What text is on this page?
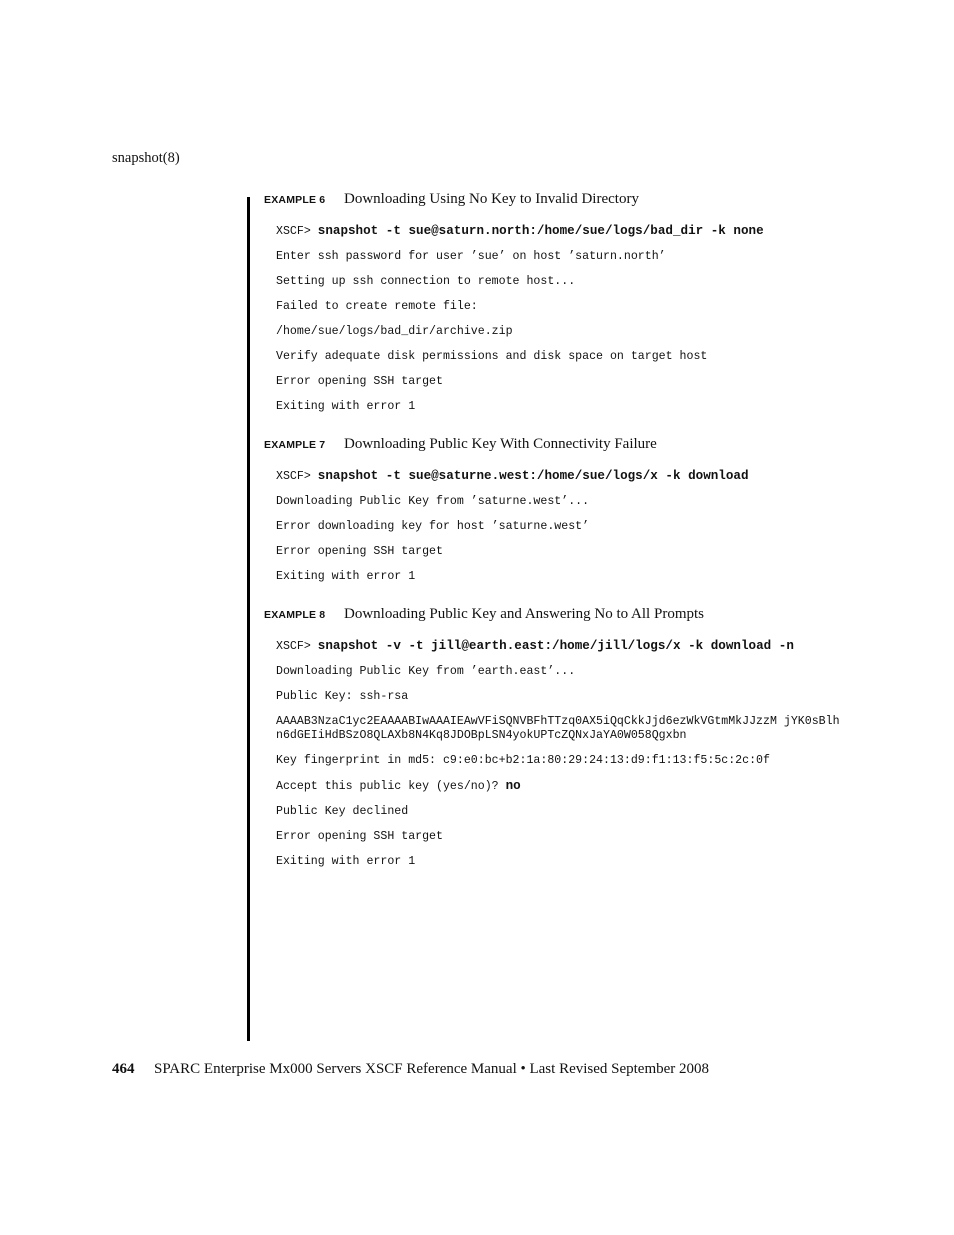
snapshot(8)
EXAMPLE 6	Downloading Using No Key to Invalid Directory
XSCF> snapshot -t sue@saturn.north:/home/sue/logs/bad_dir -k none
Enter ssh password for user ’sue’ on host ’saturn.north’
Setting up ssh connection to remote host...
Failed to create remote file:
/home/sue/logs/bad_dir/archive.zip
Verify adequate disk permissions and disk space on target host
Error opening SSH target
Exiting with error 1
EXAMPLE 7	Downloading Public Key With Connectivity Failure
XSCF> snapshot -t sue@saturne.west:/home/sue/logs/x -k download
Downloading Public Key from ’saturne.west’...
Error downloading key for host ’saturne.west’
Error opening SSH target
Exiting with error 1
EXAMPLE 8	Downloading Public Key and Answering No to All Prompts
XSCF> snapshot -v -t jill@earth.east:/home/jill/logs/x -k download -n
Downloading Public Key from ’earth.east’...
Public Key: ssh-rsa
AAAAB3NzaC1yc2EAAAABIwAAAIEAwVFiSQNVBFhTTzq0AX5iQqCkkJjd6ezWkVGtmMkJJzzM jYK0sBlhn6dGEIiHdBSzO8QLAXb8N4Kq8JDOBpLSN4yokUPTcZQNxJaYA0W058Qgxbn
Key fingerprint in md5: c9:e0:bc+b2:1a:80:29:24:13:d9:f1:13:f5:5c:2c:0f
Accept this public key (yes/no)? no
Public Key declined
Error opening SSH target
Exiting with error 1
464	SPARC Enterprise Mx000 Servers XSCF Reference Manual • Last Revised September 2008
